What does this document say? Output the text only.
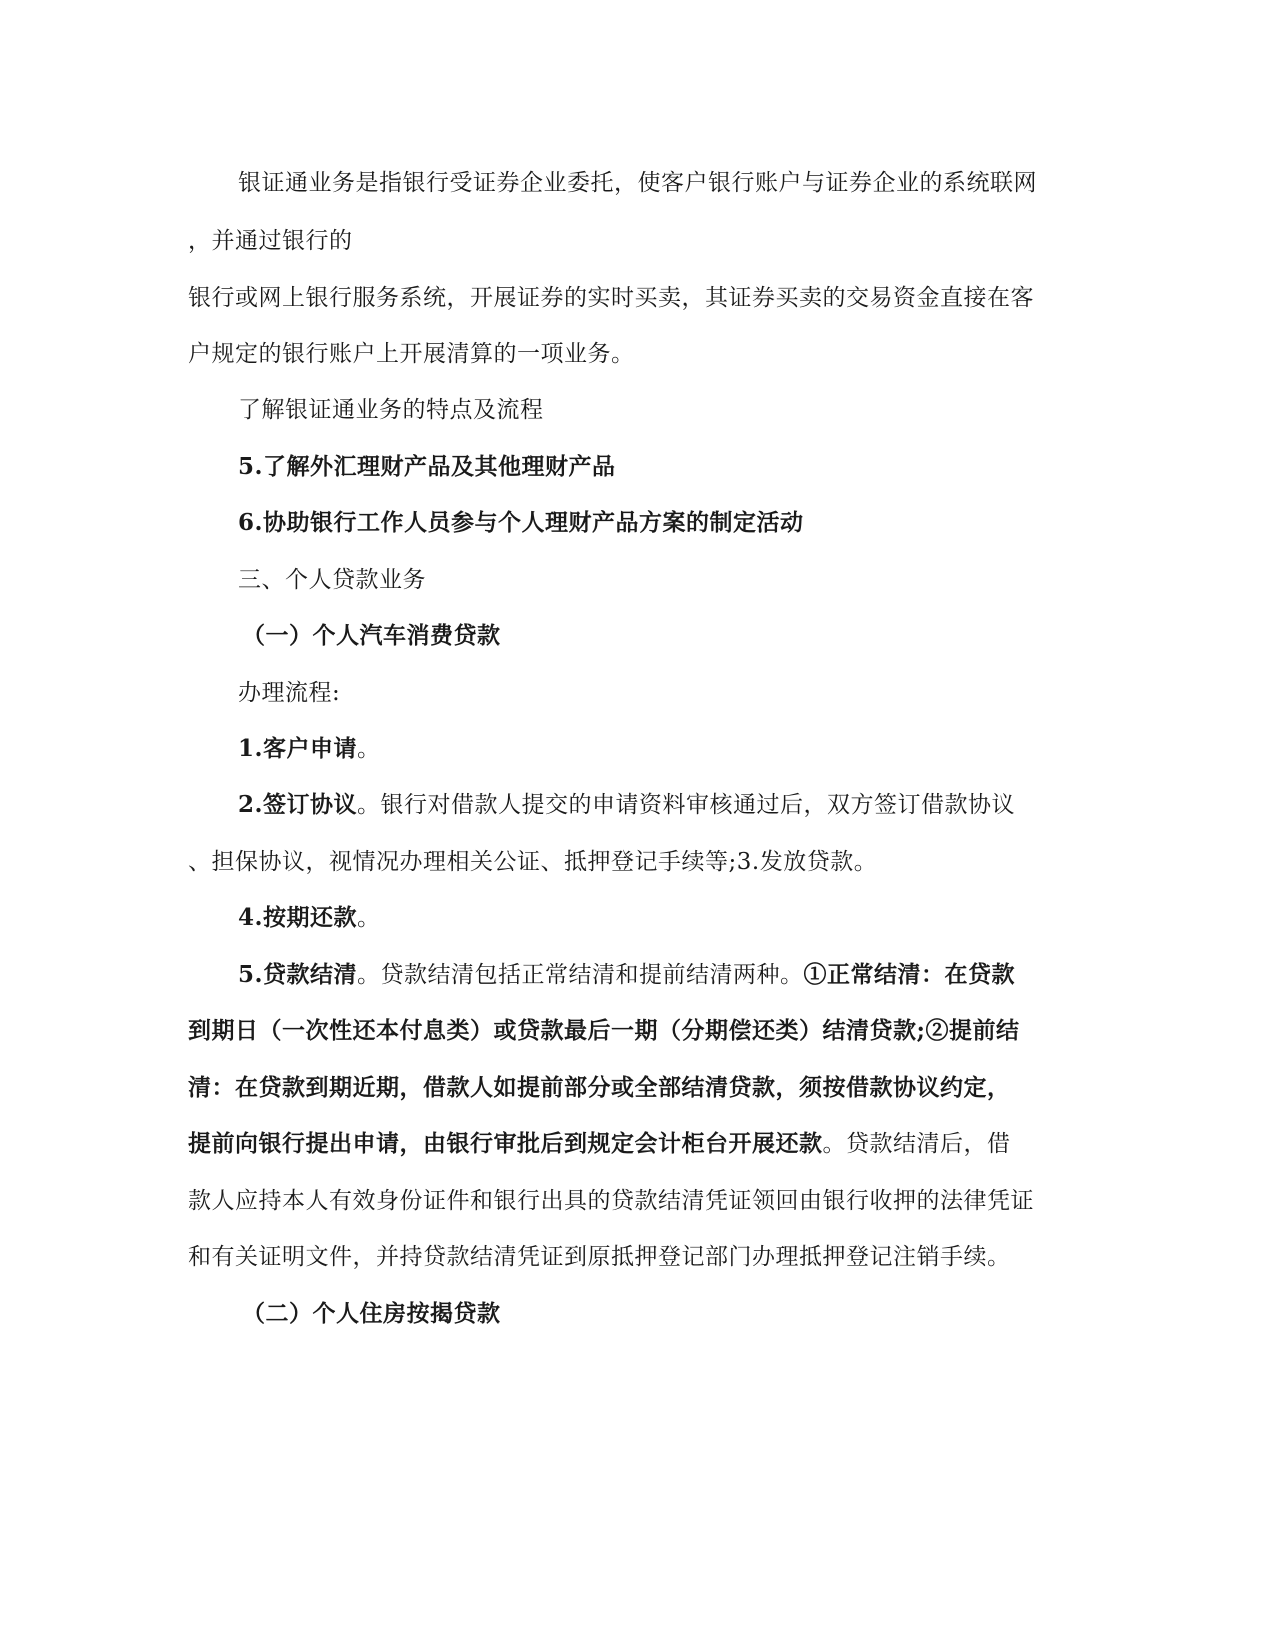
银证通业务是指银行受证券企业委托，使客户银行账户与证券企业的系统联网
，并通过银行的
银行或网上银行服务系统，开展证券的实时买卖，其证券买卖的交易资金直接在客
户规定的银行账户上开展清算的一项业务。
了解银证通业务的特点及流程
5.了解外汇理财产品及其他理财产品
6.协助银行工作人员参与个人理财产品方案的制定活动
三、个人贷款业务
（一）个人汽车消费贷款
办理流程:
1.客户申请。
2.签订协议。银行对借款人提交的申请资料审核通过后，双方签订借款协议
、担保协议，视情况办理相关公证、抵押登记手续等;3.发放贷款。
4.按期还款。
5.贷款结清。贷款结清包括正常结清和提前结清两种。①正常结清：在贷款
到期日（一次性还本付息类）或贷款最后一期（分期偿还类）结清贷款;②提前结
清：在贷款到期近期，借款人如提前部分或全部结清贷款，须按借款协议约定，
提前向银行提出申请，由银行审批后到规定会计柜台开展还款。贷款结清后，借
款人应持本人有效身份证件和银行出具的贷款结清凭证领回由银行收押的法律凭证
和有关证明文件，并持贷款结清凭证到原抵押登记部门办理抵押登记注销手续。
（二）个人住房按揭贷款
